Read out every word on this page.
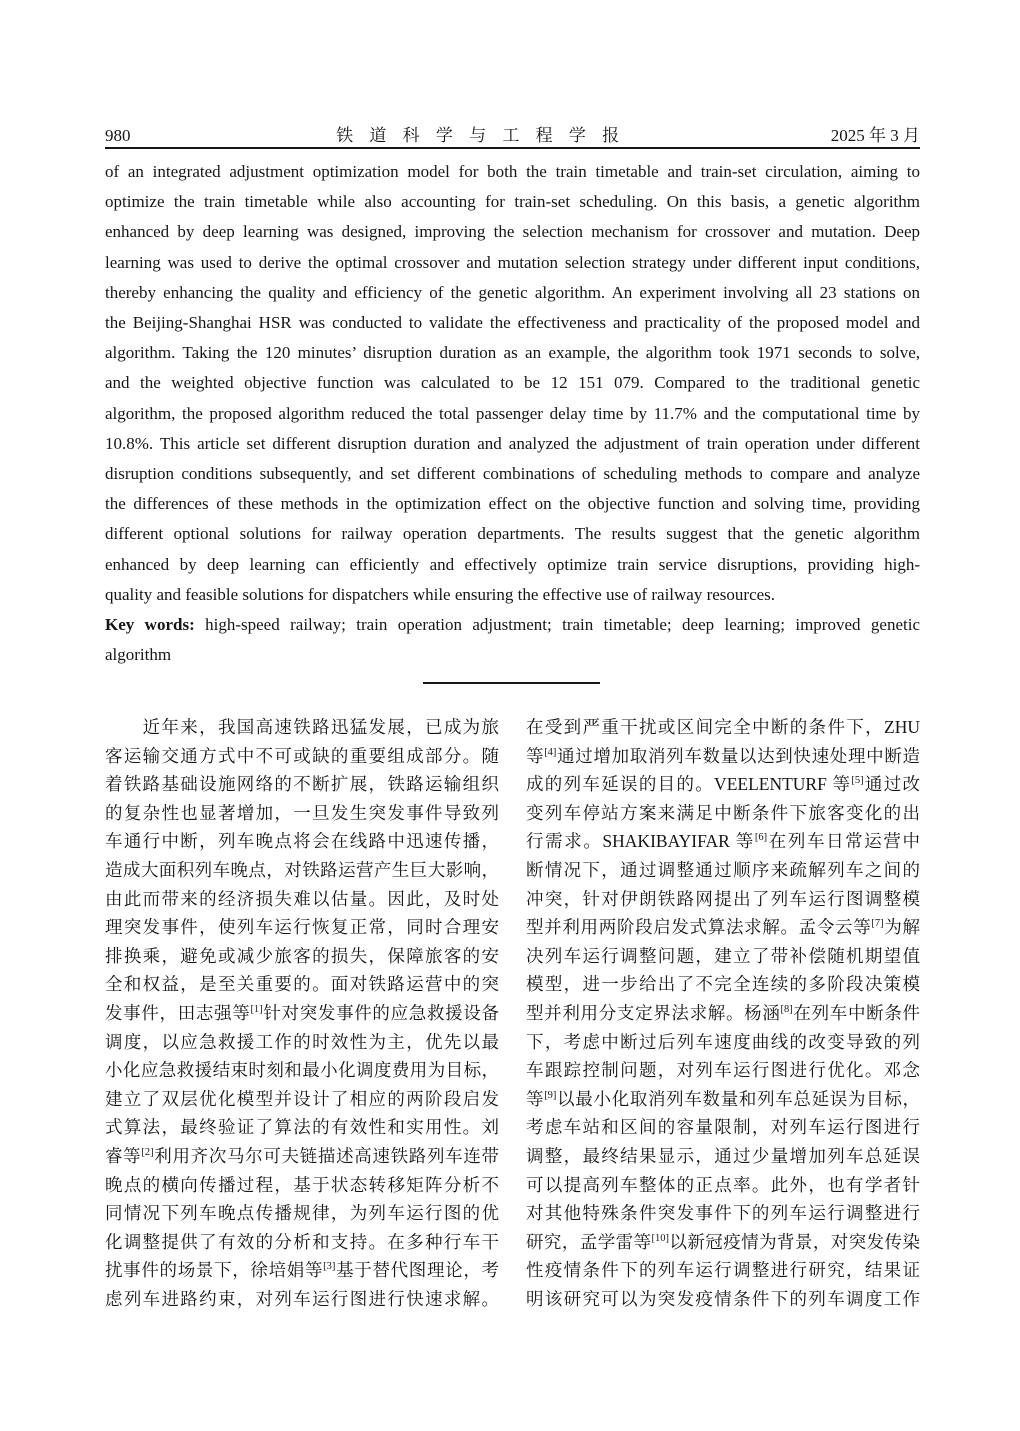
980	铁 道 科 学 与 工 程 学 报	2025 年 3 月
of an integrated adjustment optimization model for both the train timetable and train-set circulation, aiming to
optimize the train timetable while also accounting for train-set scheduling. On this basis, a genetic algorithm
enhanced by deep learning was designed, improving the selection mechanism for crossover and mutation. Deep
learning was used to derive the optimal crossover and mutation selection strategy under different input conditions,
thereby enhancing the quality and efficiency of the genetic algorithm. An experiment involving all 23 stations on
the Beijing-Shanghai HSR was conducted to validate the effectiveness and practicality of the proposed model and
algorithm. Taking the 120 minutes’ disruption duration as an example, the algorithm took 1971 seconds to solve,
and the weighted objective function was calculated to be 12 151 079. Compared to the traditional genetic
algorithm, the proposed algorithm reduced the total passenger delay time by 11.7% and the computational time by
10.8%. This article set different disruption duration and analyzed the adjustment of train operation under different
disruption conditions subsequently, and set different combinations of scheduling methods to compare and analyze
the differences of these methods in the optimization effect on the objective function and solving time, providing
different optional solutions for railway operation departments. The results suggest that the genetic algorithm
enhanced by deep learning can efficiently and effectively optimize train service disruptions, providing high-
quality and feasible solutions for dispatchers while ensuring the effective use of railway resources.
Key words: high-speed railway; train operation adjustment; train timetable; deep learning; improved genetic
algorithm
　　近年来，我国高速铁路迅猛发展，已成为旅
客运输交通方式中不可或缺的重要组成部分。随
着铁路基础设施网络的不断扩展，铁路运输组织
的复杂性也显著增加，一旦发生突发事件导致列
车通行中断，列车晚点将会在线路中迅速传播，
造成大面积列车晚点，对铁路运营产生巨大影响，
由此而带来的经济损失难以估量。因此，及时处
理突发事件，使列车运行恢复正常，同时合理安
排换乘，避免或减少旅客的损失，保障旅客的安
全和权益，是至关重要的。面对铁路运营中的突
发事件，田志强等[1]针对突发事件的应急救援设备
调度，以应急救援工作的时效性为主，优先以最
小化应急救援结束时刻和最小化调度费用为目标，
建立了双层优化模型并设计了相应的两阶段启发
式算法，最终验证了算法的有效性和实用性。刘
睿等[2]利用齐次马尔可夫链描述高速铁路列车连带
晚点的横向传播过程，基于状态转移矩阵分析不
同情况下列车晚点传播规律，为列车运行图的优
化调整提供了有效的分析和支持。在多种行车干
扰事件的场景下，徐培娟等[3]基于替代图理论，考
虑列车进路约束，对列车运行图进行快速求解。
在受到严重干扰或区间完全中断的条件下，ZHU
等[4]通过增加取消列车数量以达到快速处理中断造
成的列车延误的目的。VEELENTURF 等[5]通过改
变列车停站方案来满足中断条件下旅客变化的出
行需求。SHAKIBAYIFAR 等[6]在列车日常运营中
断情况下，通过调整通过顺序来疏解列车之间的
冲突，针对伊朗铁路网提出了列车运行图调整模
型并利用两阶段启发式算法求解。孟令云等[7]为解
决列车运行调整问题，建立了带补偿随机期望值
模型，进一步给出了不完全连续的多阶段决策模
型并利用分支定界法求解。杨涵[8]在列车中断条件
下，考虑中断过后列车速度曲线的改变导致的列
车跟踪控制问题，对列车运行图进行优化。邓念
等[9]以最小化取消列车数量和列车总延误为目标，
考虑车站和区间的容量限制，对列车运行图进行
调整，最终结果显示，通过少量增加列车总延误
可以提高列车整体的正点率。此外，也有学者针
对其他特殊条件突发事件下的列车运行调整进行
研究，孟学雷等[10]以新冠疫情为背景，对突发传染
性疫情条件下的列车运行调整进行研究，结果证
明该研究可以为突发疫情条件下的列车调度工作
